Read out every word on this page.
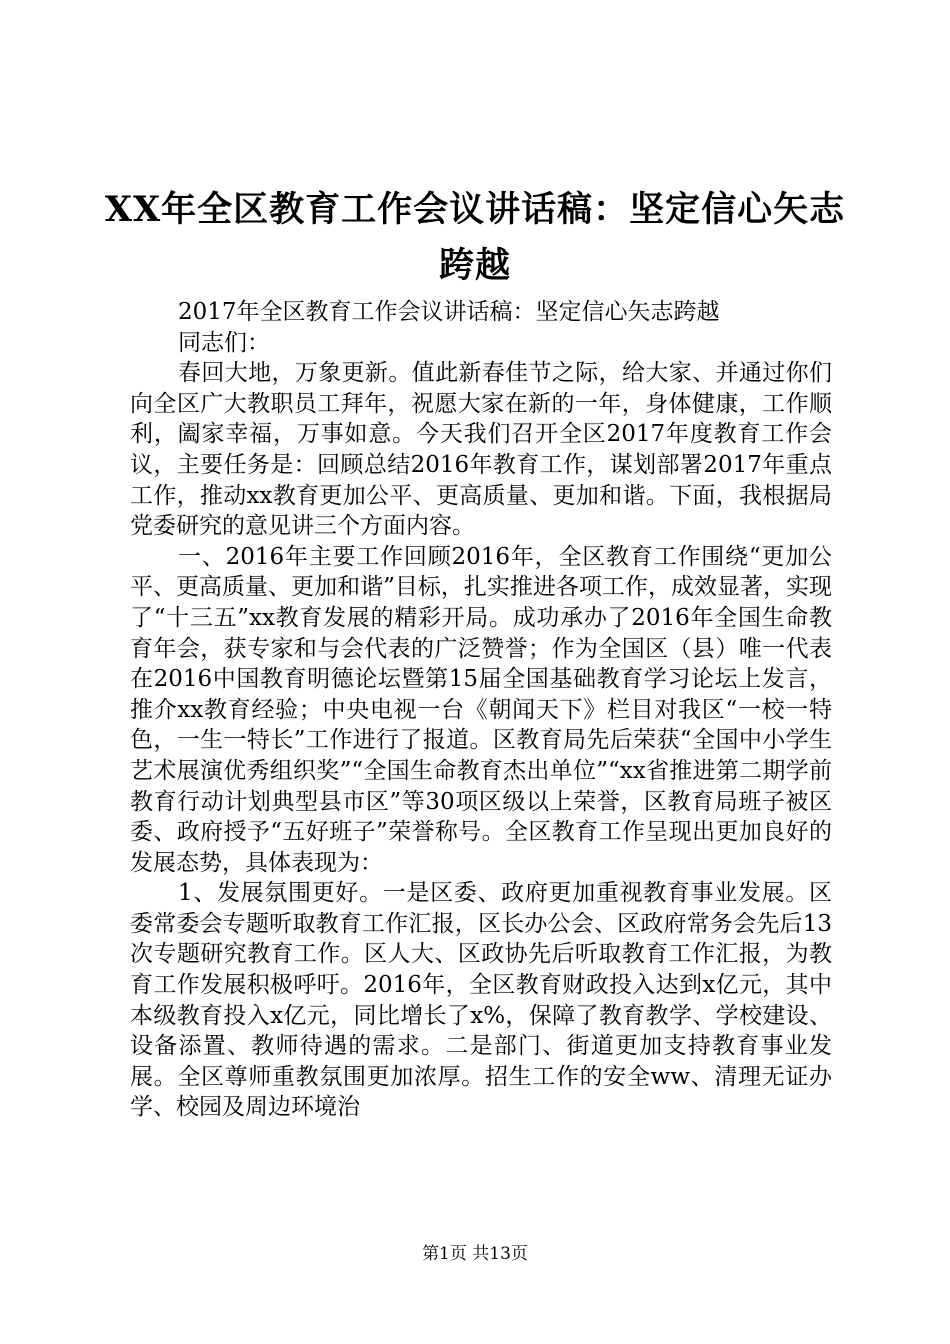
XX年全区教育工作会议讲话稿：坚定信心矢志跨越

2017年全区教育工作会议讲话稿：坚定信心矢志跨越

同志们：

春回大地，万象更新。值此新春佳节之际，给大家、并通过你们向全区广大教职员工拜年，祝愿大家在新的一年，身体健康，工作顺利，阖家幸福，万事如意。今天我们召开全区2017年度教育工作会议，主要任务是：回顾总结2016年教育工作，谋划部署2017年重点工作，推动xx教育更加公平、更高质量、更加和谐。下面，我根据局党委研究的意见讲三个方面内容。

一、2016年主要工作回顾2016年，全区教育工作围绕“更加公平、更高质量、更加和谐”目标，扎实推进各项工作，成效显著，实现了“十三五”xx教育发展的精彩开局。成功承办了2016年全国生命教育年会，获专家和与会代表的广泛赞誉；作为全国区（县）唯一代表在2016中国教育明德论坛暨第15届全国基础教育学习论坛上发言，推介xx教育经验；中央电视一台《朝闻天下》栏目对我区“一校一特色，一生一特长”工作进行了报道。区教育局先后荣获“全国中小学生艺术展演优秀组织奖”“全国生命教育杰出单位”“xx省推进第二期学前教育行动计划典型县市区”等30项区级以上荣誉，区教育局班子被区委、政府授予“五好班子”荣誉称号。全区教育工作呈现出更加良好的发展态势，具体表现为：

1、发展氛围更好。一是区委、政府更加重视教育事业发展。区委常委会专题听取教育工作汇报，区长办公会、区政府常务会先后13次专题研究教育工作。区人大、区政协先后听取教育工作汇报，为教育工作发展积极呼吁。2016年，全区教育财政投入达到x亿元，其中本级教育投入x亿元，同比增长了x%，保障了教育教学、学校建设、设备添置、教师待遇的需求。二是部门、街道更加支持教育事业发展。全区尊师重教氛围更加浓厚。招生工作的安全ww、清理无证办学、校园及周边环境治

第1页 共13页
